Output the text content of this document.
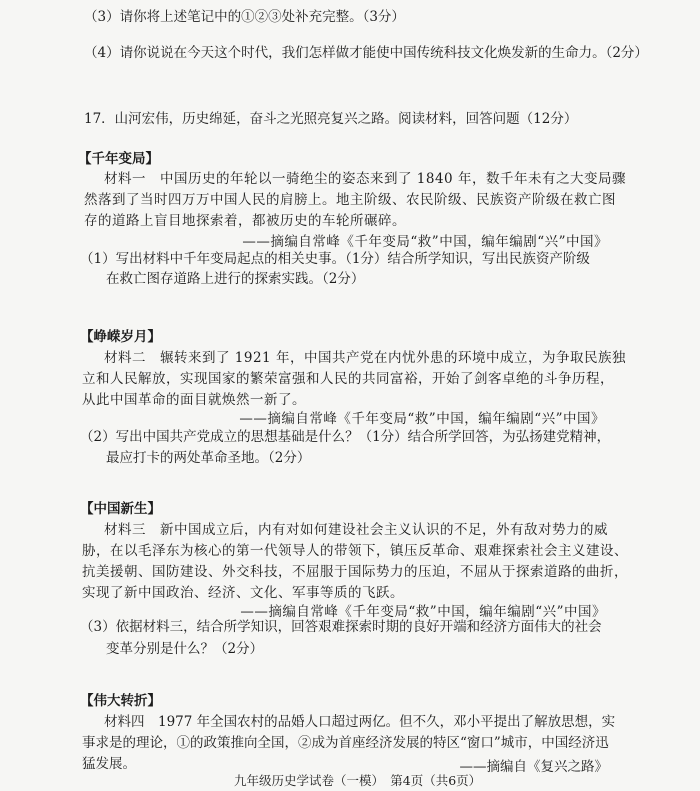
（3）请你将上述笔记中的①②③处补充完整。（3分）
（4）请你说说在今天这个时代，我们怎样做才能使中国传统科技文化焕发新的生命力。（2分）
17．山河宏伟，历史绵延，奋斗之光照亮复兴之路。阅读材料，回答问题（12分）
【千年变局】
材料一　中国历史的年轮以一骑绝尘的姿态来到了 1840 年，数千年未有之大变局骤
然落到了当时四万万中国人民的肩膀上。地主阶级、农民阶级、民族资产阶级在救亡图
存的道路上盲目地探索着，都被历史的车轮所碾碎。
——摘编自常峰《千年变局“救”中国，编年编剧“兴”中国》
（1）写出材料中千年变局起点的相关史事。（1分）结合所学知识，写出民族资产阶级
在救亡图存道路上进行的探索实践。（2分）
【峥嵘岁月】
材料二　辗转来到了 1921 年，中国共产党在内忧外患的环境中成立，为争取民族独
立和人民解放，实现国家的繁荣富强和人民的共同富裕，开始了剑客卓绝的斗争历程，
从此中国革命的面目就焕然一新了。
——摘编自常峰《千年变局“救”中国，编年编剧“兴”中国》
（2）写出中国共产党成立的思想基础是什么？（1分）结合所学回答，为弘扬建党精神，
最应打卡的两处革命圣地。（2分）
【中国新生】
材料三　新中国成立后，内有对如何建设社会主义认识的不足，外有敌对势力的威
胁，在以毛泽东为核心的第一代领导人的带领下，镇压反革命、艰难探索社会主义建设、
抗美援朝、国防建设、外交科技，不屈服于国际势力的压迫，不屈从于探索道路的曲折，
实现了新中国政治、经济、文化、军事等质的飞跃。
——摘编自常峰《千年变局“救”中国，编年编剧“兴”中国》
（3）依据材料三，结合所学知识，回答艰难探索时期的良好开端和经济方面伟大的社会
变革分别是什么？（2分）
【伟大转折】
材料四　1977 年全国农村的品婚人口超过两亿。但不久，邓小平提出了解放思想，实
事求是的理论，①的政策推向全国，②成为首座经济发展的特区“窗口”城市，中国经济迅
猛发展。	——摘编自《复兴之路》
九年级历史学试卷（一模）　第4页（共6页）
